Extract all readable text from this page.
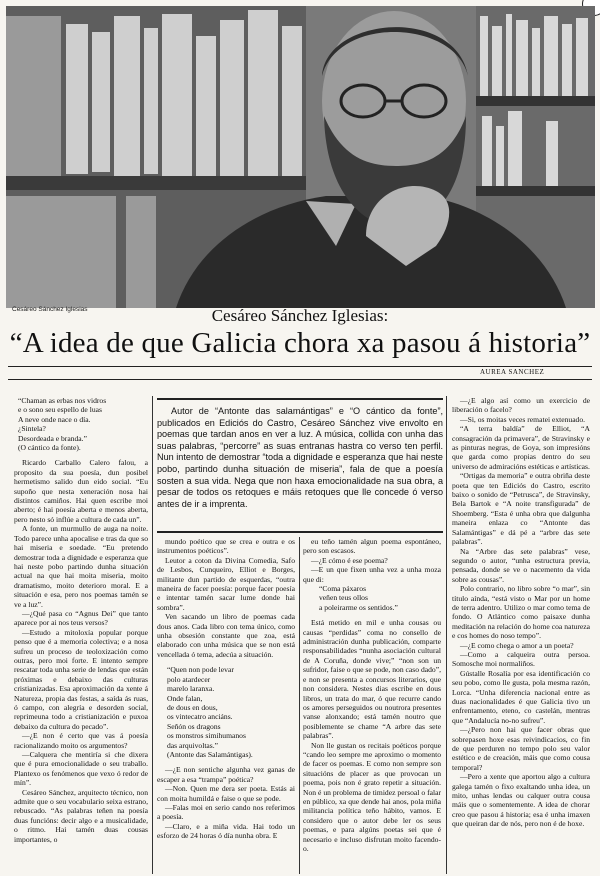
Cesáreo Sánchez Iglesias	Cesáreo Sánchez Iglesias:
“A idea de que Galicia chora xa pasou á historia”
AUREA SANCHEZ

“Chaman as erbas nos vidros

e o sono seu espello de luas

A neve onde nace o día.

¿Sintela?

Desordeada e branda.”

(O cántico da fonte).

Ricardo Carballo Calero falou, a proposito da sua poesía, dun posibel hermetismo salido dun eido social. “Eu supoño que nesta xeneración nosa hai distintos camiños. Hai quen escribe moi aberto; é hai poesía aberta e menos aberta, pero nesto só inflúe a cultura de cada un”.

A fonte, un murmullo de auga na noite. Todo parece unha apocalise e tras da que so hai miseria e soedade. “Eu pretendo demostrar toda a dignidade e esperanza que hai neste pobo partindo dunha situación actual na que hai moita miseria, moito dramatismo, moito deteriorо moral. E a situación e esa, pero nos poemas tamén se ve a luz”.

—¿Qué pasa co “Agnus Dei” que tanto aparece por ai nos teus versos?

—Estudo a mitoloxía popular porque penso que é a memoria colectiva; e a nosa sufreu un proceso de teoloxización como outras, pero moi forte. E intento sempre rescatar toda unha serie de lendas que están próximas e debaixo das culturas cristianizadas. Esa aproximación da xente á Natureza, propia das festas, a saída ás ruas, ó campo, con alegría e desorden social, reprimeuna todo a cristianización e puxoa debaixo da cultura do pecado”.

—¿E non é certo que vas á poesía racionalizando moito os argumentos?

—Calquera che mentiría si che dixera que é pura emocionalidade o seu traballo. Plantexo os fenómenos que vexo ó redor de mín”.

Cesáreo Sánchez, arquitecto técnico, non admite que o seu vocabulario seixa estrano, rebuscado. “As palabras teñen na poesía duas funcións: decir algo e a musicalidade, o ritmo. Hai tamén duas cousas importantes, o

Autor de “Antonte das salamántigas” e “O cántico da fonte”, publicados en Ediciós do Castro, Cesáreo Sánchez vive envolto en poemas que tardan anos en ver a luz. A música, collida con unha das suas palabras, “percorre” as suas entranas hastra co verso ten perfil. Nun intento de demostrar “toda a dignidade e esperanza que hai neste pobo, partindo dunha situación de miseria”, fala de que a poesía sosten a sua vida. Nega que non haxa emocionalidade na sua obra, a pesar de todos os retoques e máis retoques que lle concede ó verso antes de ir a imprenta.

mundo poético que se crea e outra e os instrumentos poéticos”.

Leutor a coton da Divina Comedia, Safo de Lesbos, Cunqueiro, Elliot e Borges, militante dun partido de esquerdas, “outra maneira de facer poesía: porque facer poesía e intentar tamén sacar lume donde hai sombra”.

Ven sacando un libro de poemas cada dous anos. Cada libro con tema único, como unha obsesión constante que zoa, está elaborado con unha música que se non está vencellada ó tema, adecúa a situación.

“Quen non pode levar

polo atardecer

marelo laranxa.

Onde falan,

de dous en dous,

os vintecatro anciáns.

Señón os dragons

os monstros simihumanos

das arquivoltas.”

(Antonte das Salamántigas).

—¿E non sentiche algunha vez ganas de escaper a esa “trampa” poética?

—Non. Quen me dera ser poeta. Estás ai con moita humildá e faise o que se pode.

—Falas moi en serio cando nos referimos a poesía.

—Claro, e a miña vida. Hai todo un esforzo de 24 horas ó día nunha obra. E

eu teño tamén algun poema espontáneo, pero son escasos.

—¿E cómo é ese poema?

—E un que fixen unha vez a unha moza que di:

“Coma páxaros

veñen teus ollos

a poleirarme os sentidos.”

Está metido en mil e unha cousas ou causas “perdidas” coma no consello de administración dunha publicación, comparte responsabilidades “nunha asociación cultural de A Coruña, donde vive;” “non son un sufridor, faise o que se pode, non caso dado”, e non se presenta a concursos literarios, que non considera. Nestes dias escribe en dous libros, un trata do mar, ó que recurre cando os amores perseguidos ou noutrora presentes vanse alonxando; está tamén noutro que posiblemente se chame “A arbre das sete palabras”.

Non lle gustan os recitais poéticos porque “cando leo sempre me aproximo o momento de facer os poemas. E como non sempre son situacións de placer as que provocan un poema, pois non é grato repetir a situación. Non é un problema de timidez persoal o falar en público, xa que dende hai anos, pola miña militancia política teño hábito, vamos. E considero que o autor debe ler os seus poemas, e para algúns poetas sei que é necesario e incluso disfrutan moito facendo-o.

—¿E algo así como un exercicio de liberación o facelo?

—Si, os moitas veces rematei extenuado.

“A terra baldía” de Elliot, “A consagración da primavera”, de Stravinsky e as pinturas negras, de Goya, son impresións que garda como propias dentro do seu universo de admiracións estéticas e artísticas.

“Ortigas da memoria” e outra obriña deste poeta que ten Ediciós do Castro, escrito baixo o sonido de “Petrusca”, de Stravinsky, Bela Bartok e “A noite transfigurada” de Shoemberg. “Esta é unha obra que dalgunha maneira enlaza co “Antonte das Salamántigas” e dá pé a “arbre das sete palabras”.

Na “Arbre das sete palabras” vese, segundo o autor, “unha estructura previa, pensada, donde se ve o nacemento da vida sobre as cousas”.

Polo contrario, no libro sobre “o mar”, sin título aínda, “está visto o Mar por un home de terra adentro. Utilizo o mar como tema de fondo. O Atlántico como paisaxe dunha meditación na relación do home coa natureza e cos homes do noso tempo”.

—¿E como chega o amor a un poeta?

—Como a calqueira outra persoa. Somosche moi normaliños.

Gústalle Rosalía por esa identificación co seu pobo, como lle gusta, pola mesma razón, Lorca. “Unha diferencia nacional entre as duas nacionalidades é que Galicia tivo un enfrentamento, eteno, co castelán, mentras que “Andalucía no-no sufreu”.

—¿Pero non hai que facer obras que sobrepasen hoxe esas reivindicacios, co fin de que perduren no tempo polo seu valor estético e de creación, máis que como cousa temporal?

—Pero a xente que aportou algo a cultura galega tamén o fixo exaltando unha idea, un mito, unhas lendas ou calquer outra cousa máis que o somentemente. A idea de chorar creo que pasou á historia; esa é unha imaxen que queiran dar de nós, pero non é de hoxe.
